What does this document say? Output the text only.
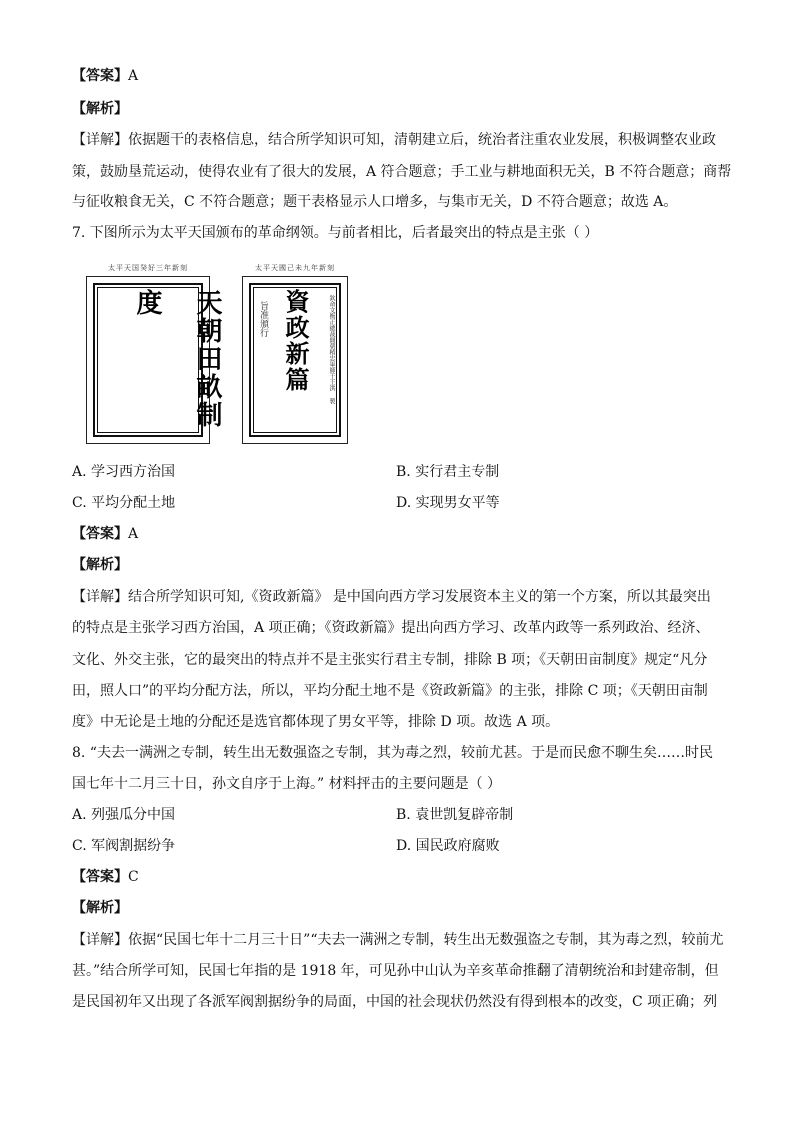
【答案】A
【解析】
【详解】依据题干的表格信息，结合所学知识可知，清朝建立后，统治者注重农业发展，积极调整农业政
策，鼓励垦荒运动，使得农业有了很大的发展，A 符合题意；手工业与耕地面积无关，B 不符合题意；商帮
与征收粮食无关，C 不符合题意；题干表格显示人口增多，与集市无关，D 不符合题意；故选 A。
7. 下图所示为太平天国颁布的革命纲领。与前者相比，后者最突出的特点是主张（ ）
太平天国癸好三年新刻
天朝田畝制度
太平天國己未九年新刻
旨准頒行 資政新篇	欽命文衡正總裁開朝精忠軍師干王洪 製
A. 学习西方治国	B. 实行君主专制
C. 平均分配土地	D. 实现男女平等
【答案】A
【解析】
【详解】结合所学知识可知,《资政新篇》 是中国向西方学习发展资本主义的第一个方案，所以其最突出
的特点是主张学习西方治国，A 项正确；《资政新篇》提出向西方学习、改革内政等一系列政治、经济、
文化、外交主张，它的最突出的特点并不是主张实行君主专制，排除 B 项；《天朝田亩制度》规定“凡分
田，照人口”的平均分配方法，所以，平均分配土地不是《资政新篇》的主张，排除 C 项；《天朝田亩制
度》中无论是土地的分配还是选官都体现了男女平等，排除 D 项。故选 A 项。
8. “夫去一满洲之专制，转生出无数强盗之专制，其为毒之烈，较前尤甚。于是而民愈不聊生矣……时民
国七年十二月三十日，孙文自序于上海。” 材料抨击的主要问题是（ ）
A. 列强瓜分中国	B. 袁世凯复辟帝制
C. 军阀割据纷争	D. 国民政府腐败
【答案】C
【解析】
【详解】依据“民国七年十二月三十日”“夫去一满洲之专制，转生出无数强盗之专制，其为毒之烈，较前尤
甚。”结合所学可知，民国七年指的是 1918 年，可见孙中山认为辛亥革命推翻了清朝统治和封建帝制，但
是民国初年又出现了各派军阀割据纷争的局面，中国的社会现状仍然没有得到根本的改变，C 项正确；列
